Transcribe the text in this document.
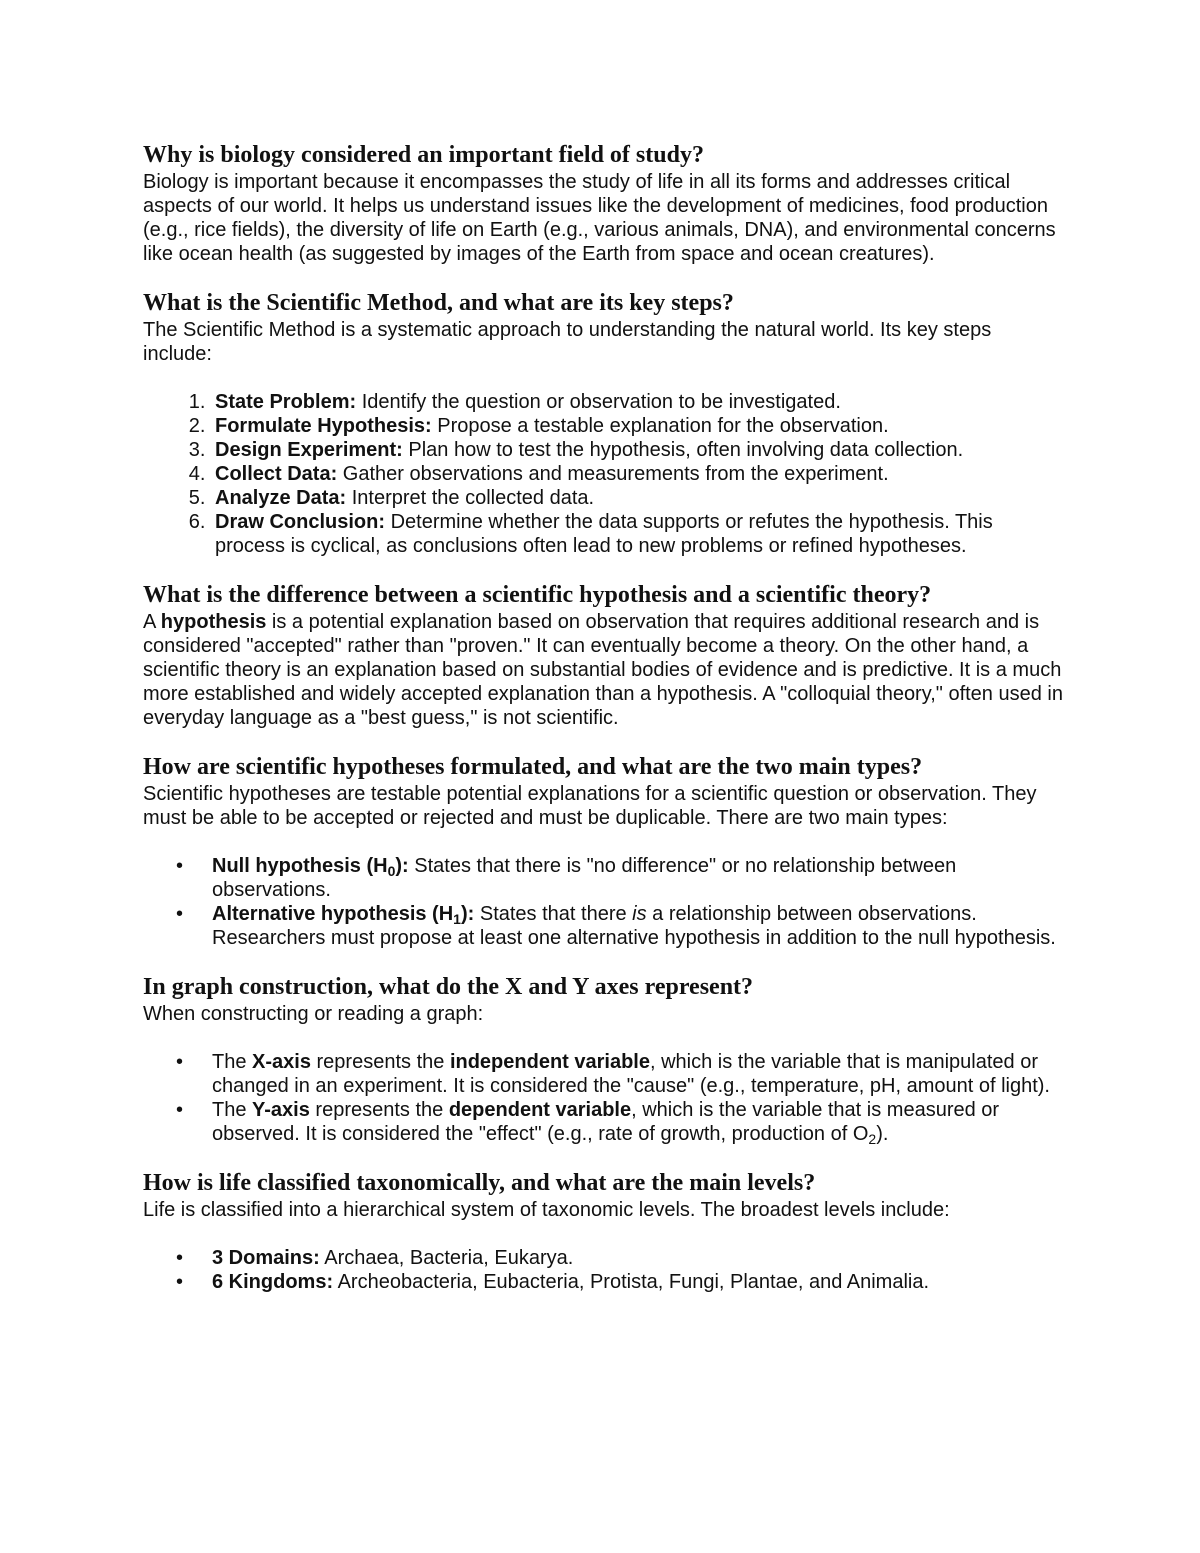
Why is biology considered an important field of study?

Biology is important because it encompasses the study of life in all its forms and addresses critical aspects of our world. It helps us understand issues like the development of medicines, food production (e.g., rice fields), the diversity of life on Earth (e.g., various animals, DNA), and environmental concerns like ocean health (as suggested by images of the Earth from space and ocean creatures).

What is the Scientific Method, and what are its key steps?

The Scientific Method is a systematic approach to understanding the natural world. Its key steps include:

1. State Problem: Identify the question or observation to be investigated.
2. Formulate Hypothesis: Propose a testable explanation for the observation.
3. Design Experiment: Plan how to test the hypothesis, often involving data collection.
4. Collect Data: Gather observations and measurements from the experiment.
5. Analyze Data: Interpret the collected data.
6. Draw Conclusion: Determine whether the data supports or refutes the hypothesis. This process is cyclical, as conclusions often lead to new problems or refined hypotheses.
What is the difference between a scientific hypothesis and a scientific theory?

A hypothesis is a potential explanation based on observation that requires additional research and is considered "accepted" rather than "proven." It can eventually become a theory. On the other hand, a scientific theory is an explanation based on substantial bodies of evidence and is predictive. It is a much more established and widely accepted explanation than a hypothesis. A "colloquial theory," often used in everyday language as a "best guess," is not scientific.

How are scientific hypotheses formulated, and what are the two main types?

Scientific hypotheses are testable potential explanations for a scientific question or observation. They must be able to be accepted or rejected and must be duplicable. There are two main types:

• Null hypothesis $(H_0)$: States that there is "no difference" or no relationship between observations.
• Alternative hypothesis $(H_1)$: States that there is a relationship between observations. Researchers must propose at least one alternative hypothesis in addition to the null hypothesis.
In graph construction, what do the X and Y axes represent?

When constructing or reading a graph:

• The X-axis represents the independent variable, which is the variable that is manipulated or changed in an experiment. It is considered the "cause" (e.g., temperature, pH, amount of light).
• The Y-axis represents the dependent variable, which is the variable that is measured or observed. It is considered the "effect" (e.g., rate of growth, production of $O_2$).
How is life classified taxonomically, and what are the main levels?

Life is classified into a hierarchical system of taxonomic levels. The broadest levels include:

• 3 Domains: Archaea, Bacteria, Eukarya.
• 6 Kingdoms: Archeobacteria, Eubacteria, Protista, Fungi, Plantae, and Animalia.
